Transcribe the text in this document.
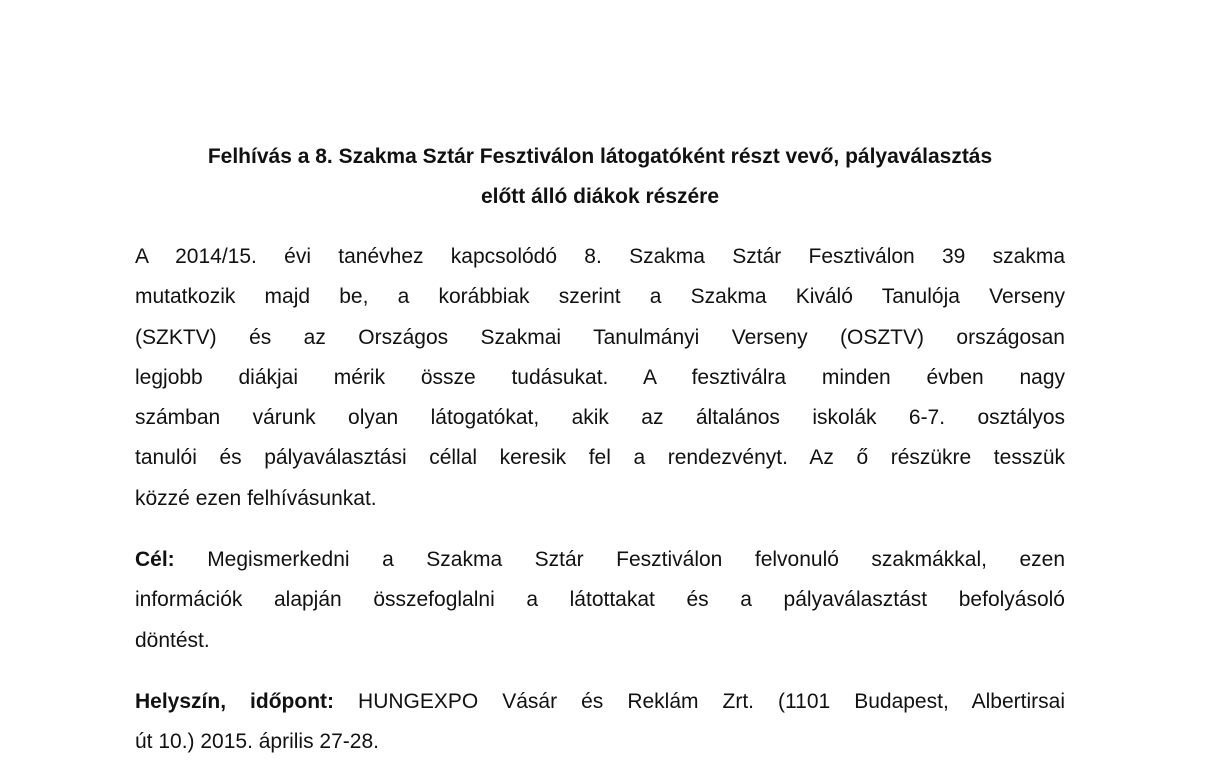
Felhívás a 8. Szakma Sztár Fesztiválon látogatóként részt vevő, pályaválasztás
előtt álló diákok részére

A 2014/15. évi tanévhez kapcsolódó 8. Szakma Sztár Fesztiválon 39 szakma
mutatkozik majd be, a korábbiak szerint a Szakma Kiváló Tanulója Verseny
(SZKTV) és az Országos Szakmai Tanulmányi Verseny (OSZTV) országosan
legjobb diákjai mérik össze tudásukat. A fesztiválra minden évben nagy
számban várunk olyan látogatókat, akik az általános iskolák 6-7. osztályos
tanulói és pályaválasztási céllal keresik fel a rendezvényt. Az ő részükre tesszük
közzé ezen felhívásunkat.

Cél: Megismerkedni a Szakma Sztár Fesztiválon felvonuló szakmákkal, ezen
információk alapján összefoglalni a látottakat és a pályaválasztást befolyásoló
döntést.

Helyszín, időpont: HUNGEXPO Vásár és Reklám Zrt. (1101 Budapest, Albertirsai
út 10.) 2015. április 27-28.
